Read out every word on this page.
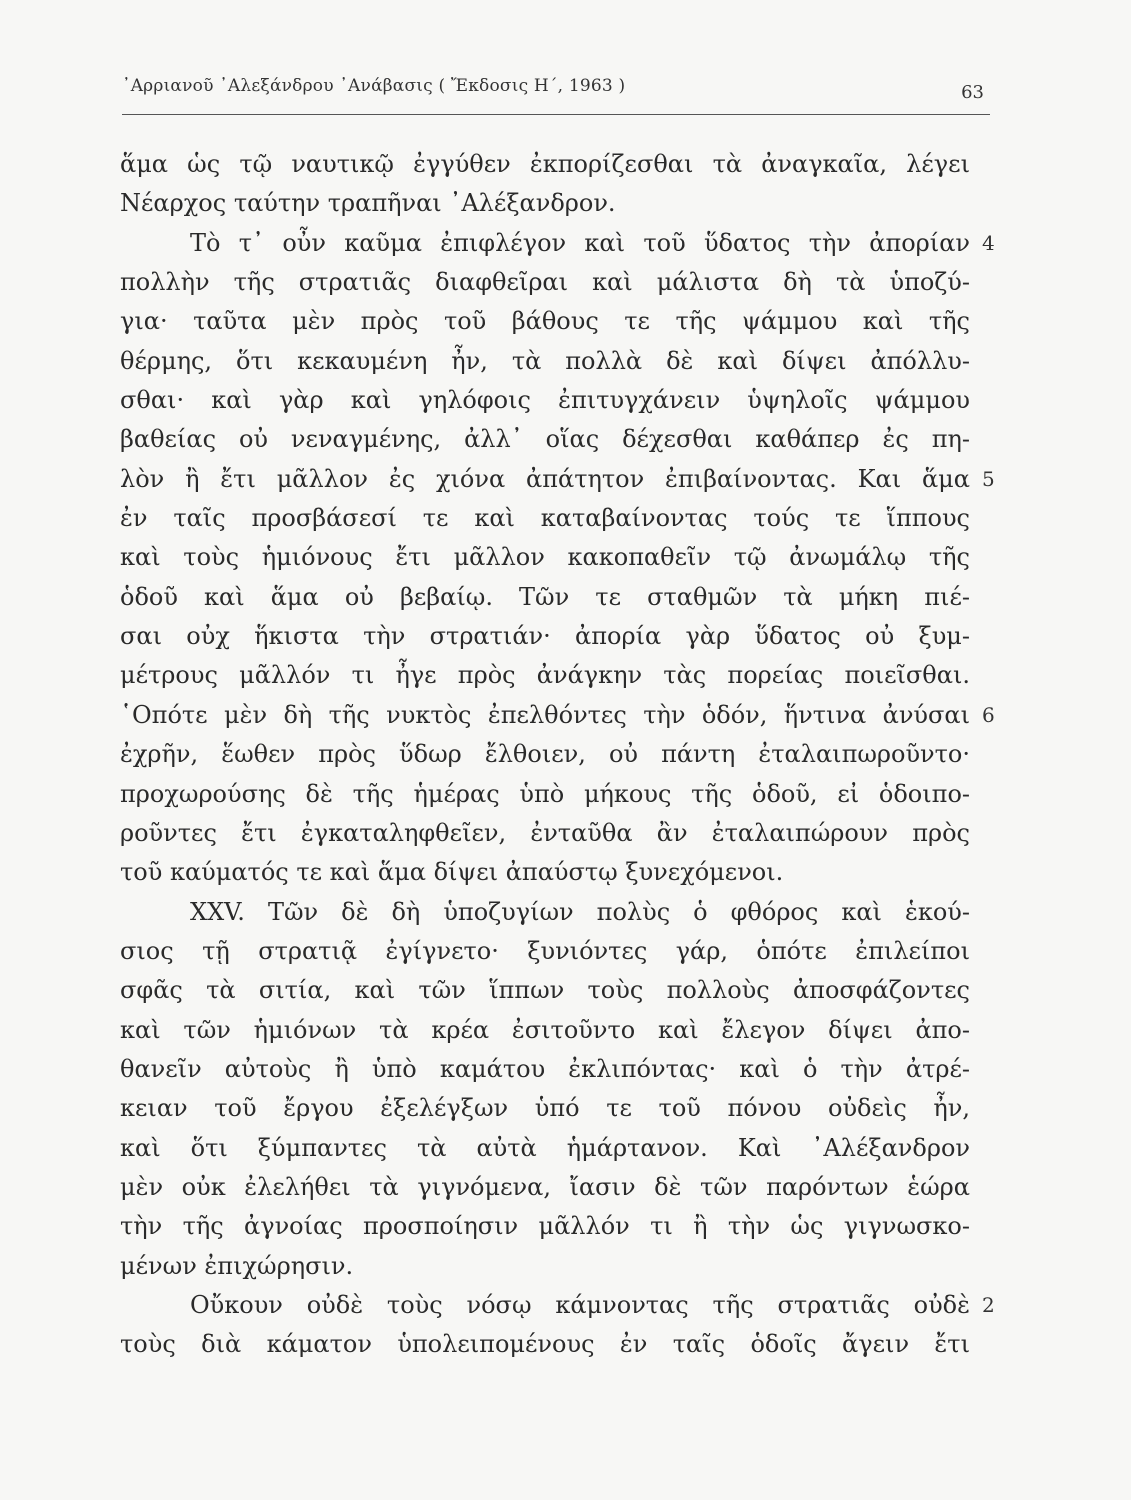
᾿Αρριανοῦ ᾿Αλεξάνδρου ᾿Ανάβασις ( Ἔκδοσις Η΄, 1963 )	63
ἅμα ὡς τῷ ναυτικῷ ἐγγύθεν ἐκπορίζεσθαι τὰ ἀναγκαῖα, λέγει
Νέαρχος ταύτην τραπῆναι ᾿Αλέξανδρον.
Τὸ τ᾿ οὖν καῦμα ἐπιφλέγον καὶ τοῦ ὕδατος τὴν ἀπορίαν 4
πολλὴν τῆς στρατιᾶς διαφθεῖραι καὶ μάλιστα δὴ τὰ ὑποζύ-
για· ταῦτα μὲν πρὸς τοῦ βάθους τε τῆς ψάμμου καὶ τῆς
θέρμης, ὅτι κεκαυμένη ἦν, τὰ πολλὰ δὲ καὶ δίψει ἀπόλλυ-
σθαι· καὶ γὰρ καὶ γηλόφοις ἐπιτυγχάνειν ὑψηλοῖς ψάμμου
βαθείας οὐ νεναγμένης, ἀλλ᾿ οἵας δέχεσθαι καθάπερ ἐς πη-
λὸν ἢ ἔτι μᾶλλον ἐς χιόνα ἀπάτητον ἐπιβαίνοντας. Και ἅμα 5
ἐν ταῖς προσβάσεσί τε καὶ καταβαίνοντας τούς τε ἵππους
καὶ τοὺς ἡμιόνους ἔτι μᾶλλον κακοπαθεῖν τῷ ἀνωμάλῳ τῆς
ὁδοῦ καὶ ἅμα οὐ βεβαίῳ. Τῶν τε σταθμῶν τὰ μήκη πιέ-
σαι οὐχ ἥκιστα τὴν στρατιάν· ἀπορία γὰρ ὕδατος οὐ ξυμ-
μέτρους μᾶλλόν τι ἦγε πρὸς ἀνάγκην τὰς πορείας ποιεῖσθαι.
῾Οπότε μὲν δὴ τῆς νυκτὸς ἐπελθόντες τὴν ὁδόν, ἥντινα ἀνύσαι 6
ἐχρῆν, ἕωθεν πρὸς ὕδωρ ἔλθοιεν, οὐ πάντη ἐταλαιπωροῦντο·
προχωρούσης δὲ τῆς ἡμέρας ὑπὸ μήκους τῆς ὁδοῦ, εἰ ὁδοιπο-
ροῦντες ἔτι ἐγκαταληφθεῖεν, ἐνταῦθα ἂν ἐταλαιπώρουν πρὸς
τοῦ καύματός τε καὶ ἅμα δίψει ἀπαύστῳ ξυνεχόμενοι.
XXV. Τῶν δὲ δὴ ὑποζυγίων πολὺς ὁ φθόρος καὶ ἑκού-
σιος τῇ στρατιᾷ ἐγίγνετο· ξυνιόντες γάρ, ὁπότε ἐπιλείποι
σφᾶς τὰ σιτία, καὶ τῶν ἵππων τοὺς πολλοὺς ἀποσφάζοντες
καὶ τῶν ἡμιόνων τὰ κρέα ἐσιτοῦντο καὶ ἔλεγον δίψει ἀπο-
θανεῖν αὐτοὺς ἢ ὑπὸ καμάτου ἐκλιπόντας· καὶ ὁ τὴν ἀτρέ-
κειαν τοῦ ἔργου ἐξελέγξων ὑπό τε τοῦ πόνου οὐδεὶς ἦν,
καὶ ὅτι ξύμπαντες τὰ αὐτὰ ἡμάρτανον. Καὶ ᾿Αλέξανδρον
μὲν οὐκ ἐλελήθει τὰ γιγνόμενα, ἴασιν δὲ τῶν παρόντων ἑώρα
τὴν τῆς ἀγνοίας προσποίησιν μᾶλλόν τι ἢ τὴν ὡς γιγνωσκο-
μένων ἐπιχώρησιν.
Οὔκουν οὐδὲ τοὺς νόσῳ κάμνοντας τῆς στρατιᾶς οὐδὲ 2
τοὺς διὰ κάματον ὑπολειπομένους ἐν ταῖς ὁδοῖς ἄγειν ἔτι
